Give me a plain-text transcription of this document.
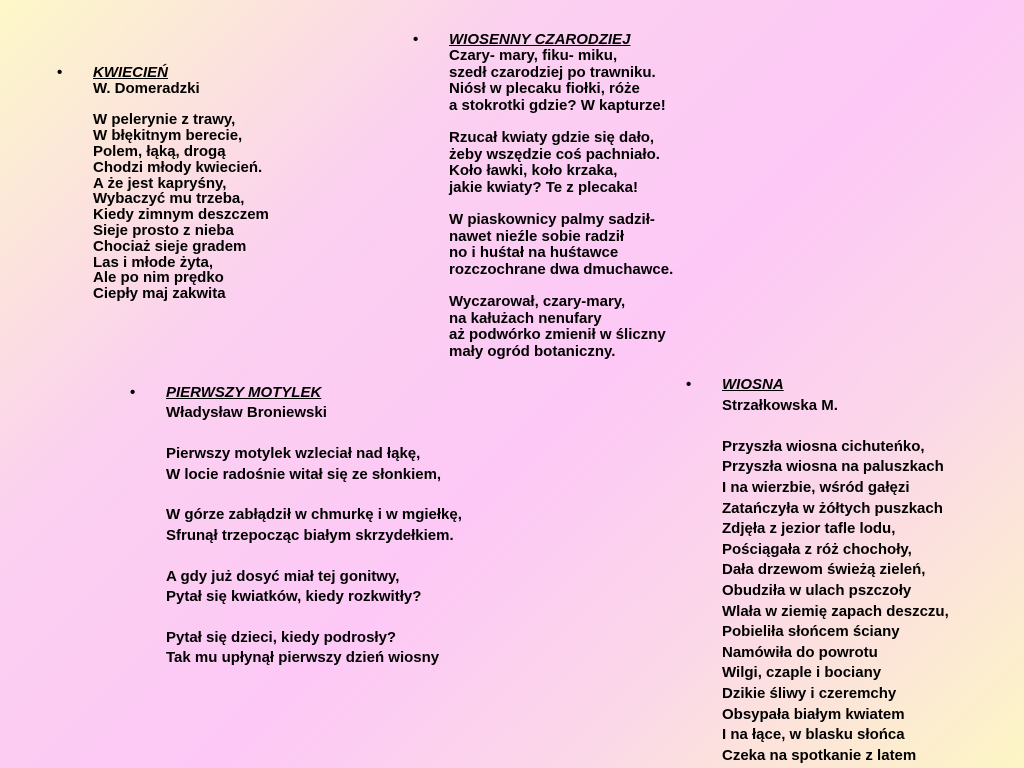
• KWIECIEŃ
W. Domeradzki
W pelerynie z trawy,
W błękitnym berecie,
Polem, łąką, drogą
Chodzi młody kwiecień.
A że jest kapryśny,
Wybaczyć mu trzeba,
Kiedy zimnym deszczem
Sieje prosto z nieba
Chociaż sieje gradem
Las i młode żyta,
Ale po nim prędko
Ciepły maj zakwita
• WIOSENNY CZARODZIEJ
Czary- mary, fiku- miku,
szedł czarodziej po trawniku.
Niósł w plecaku fiołki, róże
a stokrotki gdzie? W kapturze!
Rzucał kwiaty gdzie się dało,
żeby wszędzie coś pachniało.
Koło ławki, koło krzaka,
jakie kwiaty? Te z plecaka!
W piaskownicy palmy sadził-
nawet nieźle sobie radził
no i huśtał na huśtawce
rozczochrane dwa dmuchawce.
Wyczarował, czary-mary,
na kałużach nenufary
aż podwórko zmienił w śliczny
mały ogród botaniczny.
• PIERWSZY MOTYLEK
Władysław Broniewski
Pierwszy motylek wzleciał nad łąkę,
W locie radośnie witał się ze słonkiem,
W górze zabłądził w chmurkę i w mgiełkę,
Sfrunął trzepocząc białym skrzydełkiem.
A gdy już dosyć miał tej gonitwy,
Pytał się kwiatków, kiedy rozkwitły?
Pytał się dzieci, kiedy podrosły?
Tak mu upłynął pierwszy dzień wiosny
• WIOSNA
Strzałkowska M.
Przyszła wiosna cichuteńko,
Przyszła wiosna na paluszkach
I na wierzbie, wśród gałęzi
Zatańczyła w żółtych puszkach
Zdjęła z jezior tafle lodu,
Pościągała z róż chochoły,
Dała drzewom świeżą zieleń,
Obudziła w ulach pszczoły
Wlała w ziemię zapach deszczu,
Pobieliła słońcem ściany
Namówiła do powrotu
Wilgi, czaple i bociany
Dzikie śliwy i czeremchy
Obsypała białym kwiatem
I na łące, w blasku słońca
Czeka na spotkanie z latem
